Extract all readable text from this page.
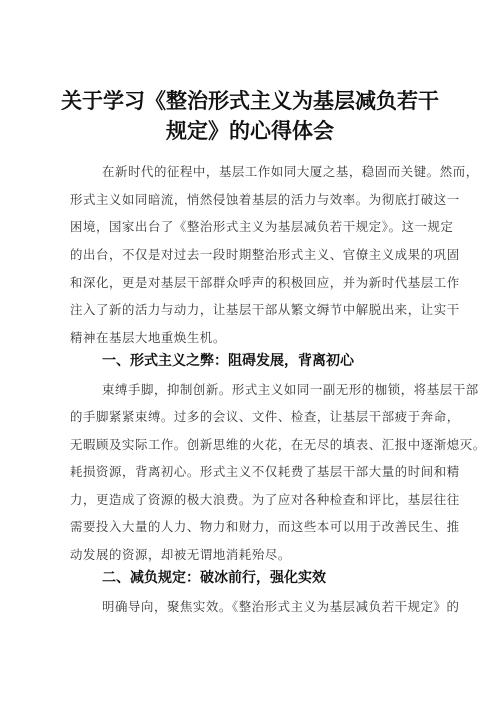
关于学习《整治形式主义为基层减负若干
规定》的心得体会

在新时代的征程中，基层工作如同大厦之基，稳固而关键。然而，

形式主义如同暗流，悄然侵蚀着基层的活力与效率。为彻底打破这一

困境，国家出台了《整治形式主义为基层减负若干规定》。这一规定

的出台，不仅是对过去一段时期整治形式主义、官僚主义成果的巩固

和深化，更是对基层干部群众呼声的积极回应，并为新时代基层工作

注入了新的活力与动力，让基层干部从繁文缛节中解脱出来，让实干

精神在基层大地重焕生机。

一、形式主义之弊：阻碍发展，背离初心

束缚手脚，抑制创新。形式主义如同一副无形的枷锁，将基层干部

的手脚紧紧束缚。过多的会议、文件、检查，让基层干部疲于奔命，

无暇顾及实际工作。创新思维的火花，在无尽的填表、汇报中逐渐熄灭。

耗损资源，背离初心。形式主义不仅耗费了基层干部大量的时间和精

力，更造成了资源的极大浪费。为了应对各种检查和评比，基层往往

需要投入大量的人力、物力和财力，而这些本可以用于改善民生、推

动发展的资源，却被无谓地消耗殆尽。

二、减负规定：破冰前行，强化实效

明确导向，聚焦实效。《整治形式主义为基层减负若干规定》的
